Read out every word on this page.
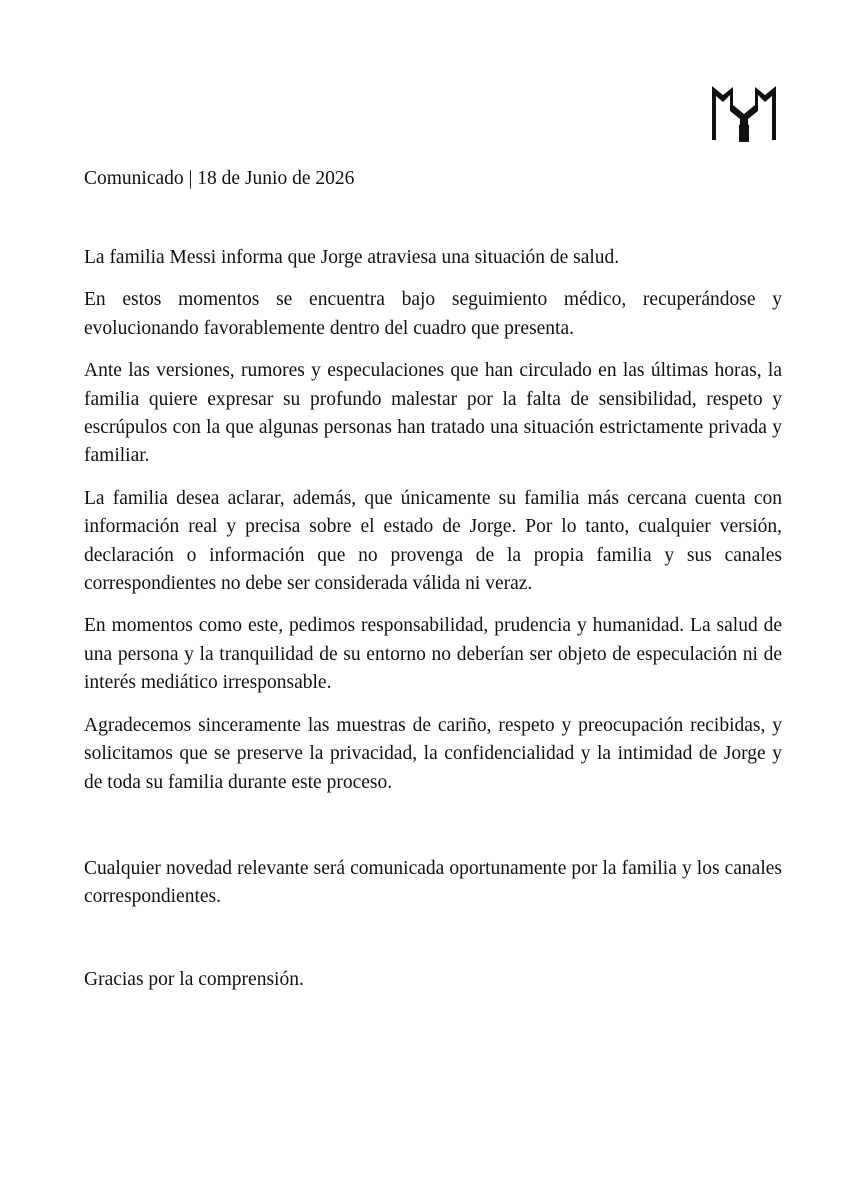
Comunicado | 18 de Junio de 2026

La familia Messi informa que Jorge atraviesa una situación de salud.

En estos momentos se encuentra bajo seguimiento médico, recuperándose y evolucionando favorablemente dentro del cuadro que presenta.

Ante las versiones, rumores y especulaciones que han circulado en las últimas horas, la familia quiere expresar su profundo malestar por la falta de sensibilidad, respeto y escrúpulos con la que algunas personas han tratado una situación estrictamente privada y familiar.

La familia desea aclarar, además, que únicamente su familia más cercana cuenta con información real y precisa sobre el estado de Jorge. Por lo tanto, cualquier versión, declaración o información que no provenga de la propia familia y sus canales correspondientes no debe ser considerada válida ni veraz.

En momentos como este, pedimos responsabilidad, prudencia y humanidad. La salud de una persona y la tranquilidad de su entorno no deberían ser objeto de especulación ni de interés mediático irresponsable.

Agradecemos sinceramente las muestras de cariño, respeto y preocupación recibidas, y solicitamos que se preserve la privacidad, la confidencialidad y la intimidad de Jorge y de toda su familia durante este proceso.

Cualquier novedad relevante será comunicada oportunamente por la familia y los canales correspondientes.

Gracias por la comprensión.
